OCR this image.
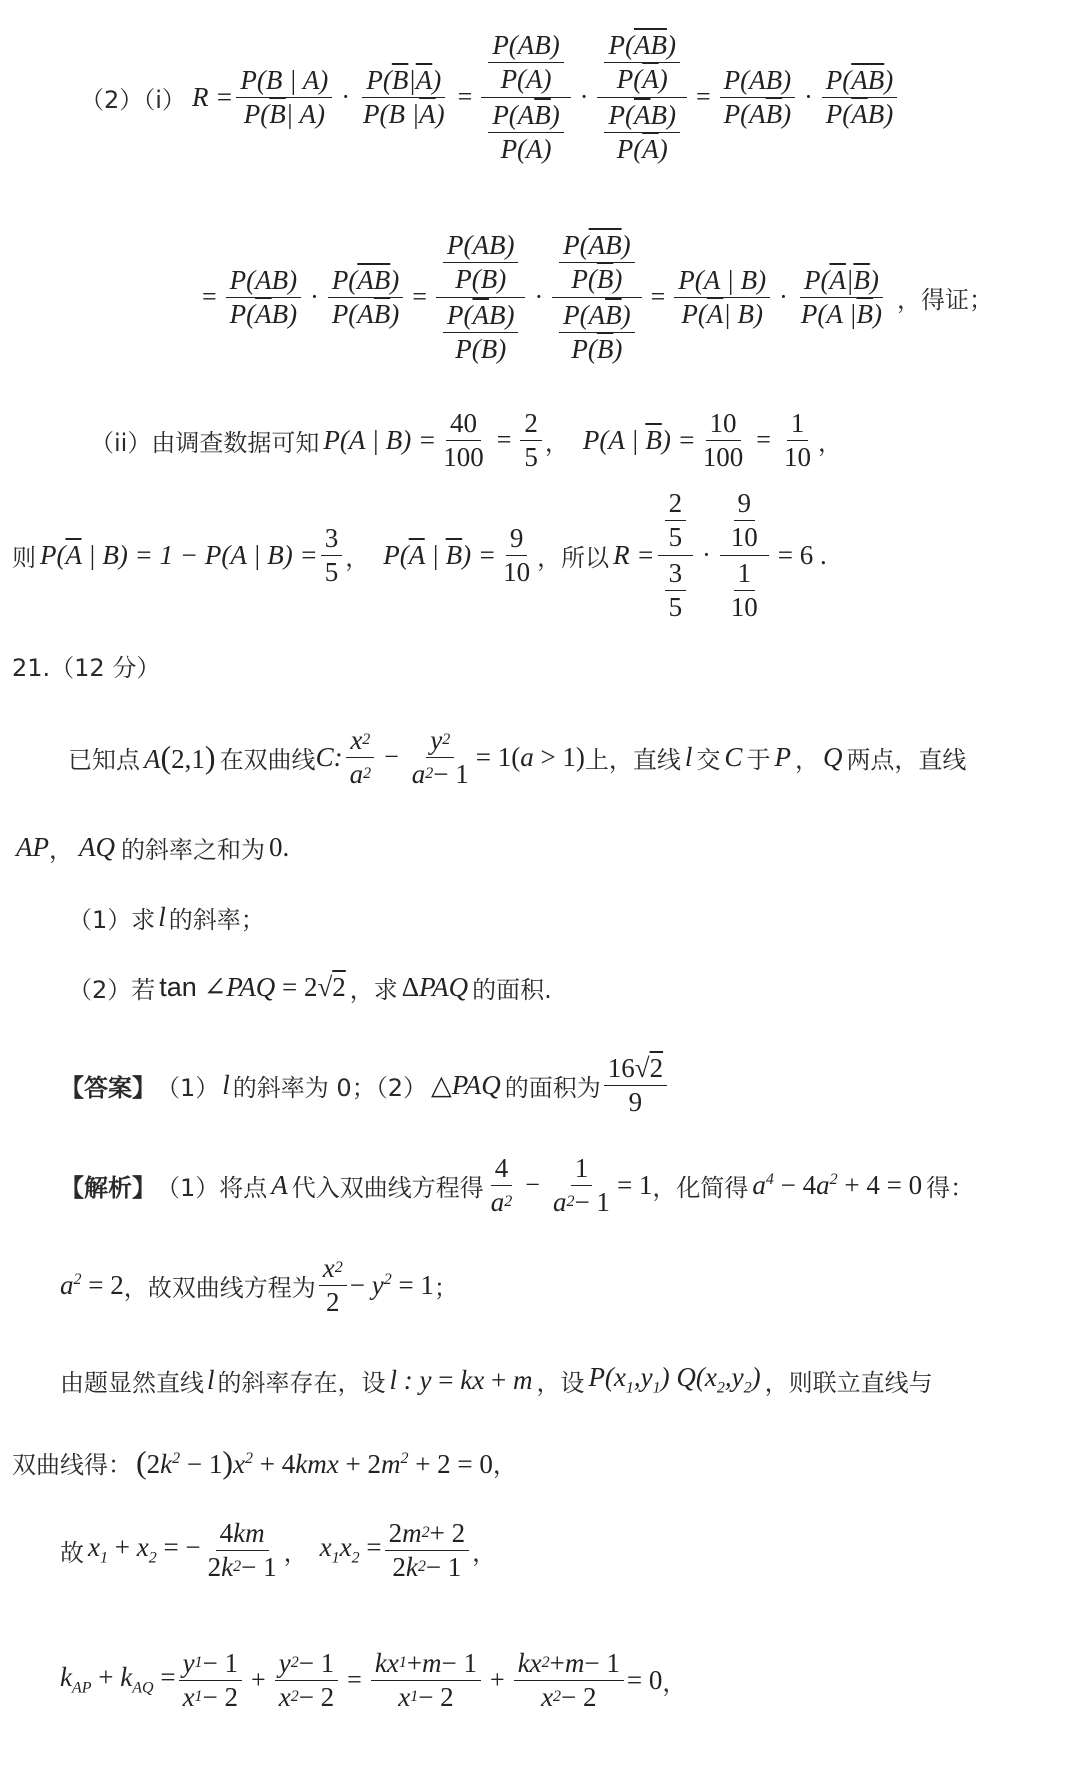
（2）（i） $R = \frac{P(B | A)}{P( \overline{B} | A)} \cdot \frac{P( \overline{B} | \overline{A} )}{P(B | \overline{A} )} = \frac{\frac{P(AB)}{P(A)}}{\frac{P(A \overline{B} )}{P(A)}} \cdot \frac{\frac{P( \overline{AB} )}{P( \overline{A} )}}{\frac{P( \overline{A} B)}{P( \overline{A} )}} = \frac{P(AB)}{P(A \overline{B} )} \cdot \frac{P( \overline{AB} )}{P( \overline{A} B)}$
= $\frac{P(AB)}{P( \overline{A} B)} \cdot \frac{P( \overline{AB} )}{P(A \overline{B} )} = \frac{\frac{P(AB)}{P(B)}}{\frac{P( \overline{A} B)}{P(B)}} \cdot \frac{\frac{P( \overline{AB} )}{P( \overline{B} )}}{\frac{P(A \overline{B} )}{P( \overline{B} )}} = \frac{P(A | B)}{P( \overline{A} | B)} \cdot \frac{P( \overline{A} | \overline{B} )}{P(A | \overline{B} )}$ ，得证；
（ii）由调查数据可知 P(A | $B) = \frac{40}{100} = \frac{2}{5}$ ， P(A | $\overline{B}) = \frac{10}{100} = \frac{1}{10}$ ，
则 $P(\overline{A}$ | B) = 1 − P(A | $B) = \frac{3}{5}$ ， $P(\overline{A}$ | $\overline{B}) = \frac{9}{10}$ ，所以 $R = \frac{\frac{2}{5}}{\frac{3}{5}} \cdot \frac{\frac{9}{10}}{\frac{1}{10}} = 6$ .
21.（12 分）
已知点 A(2,1) 在双曲线 C: $\frac{x 2}{a 2} - \frac{y 2}{a 2 - 1} = 1(a > 1)$ 上，直线 l 交 C 于 P ， Q 两点，直线
AP ， AQ 的斜率之和为 0.
（1）求 l 的斜率；
（2）若 tan ∠PAQ = 2√2 ，求 ΔPAQ 的面积.
【答案】 （1） l 的斜率为 0；（2） △PAQ 的面积为 $\frac{16√ 2}{9}$
【解析】 （1）将点 A 代入双曲线方程得 $\frac{4}{a 2} - \frac{1}{a 2 - 1} = 1$ ，化简得 $a^4 - 4a^2 + 4 = 0$ 得：
$a^2 = 2$ ，故双曲线方程为 $\frac{x 2}{2} - y^2 = 1$ ；
由题显然直线 l 的斜率存在，设 l : y = kx + m ，设 $P(x_1,y_1)$ $Q(x_2,y_2)$ ，则联立直线与
双曲线得： $(2k^2 - 1)x^2 + 4kmx + 2m^2 + 2 = 0$ ，
故 $x_1 + x_2$ = − $\frac{4 km}{2 k 2 - 1}$ ， $x_1x_2 = \frac{2 m 2 + 2}{2 k 2 - 1}$ ，
$k_{AP} + k_{AQ} = \frac{y 1 - 1}{x 1 - 2} + \frac{y 2 - 1}{x 2 - 2} = \frac{kx 1 + m - 1}{x 1 - 2} + \frac{kx 2 + m - 1}{x 2 - 2} = 0$ ，
